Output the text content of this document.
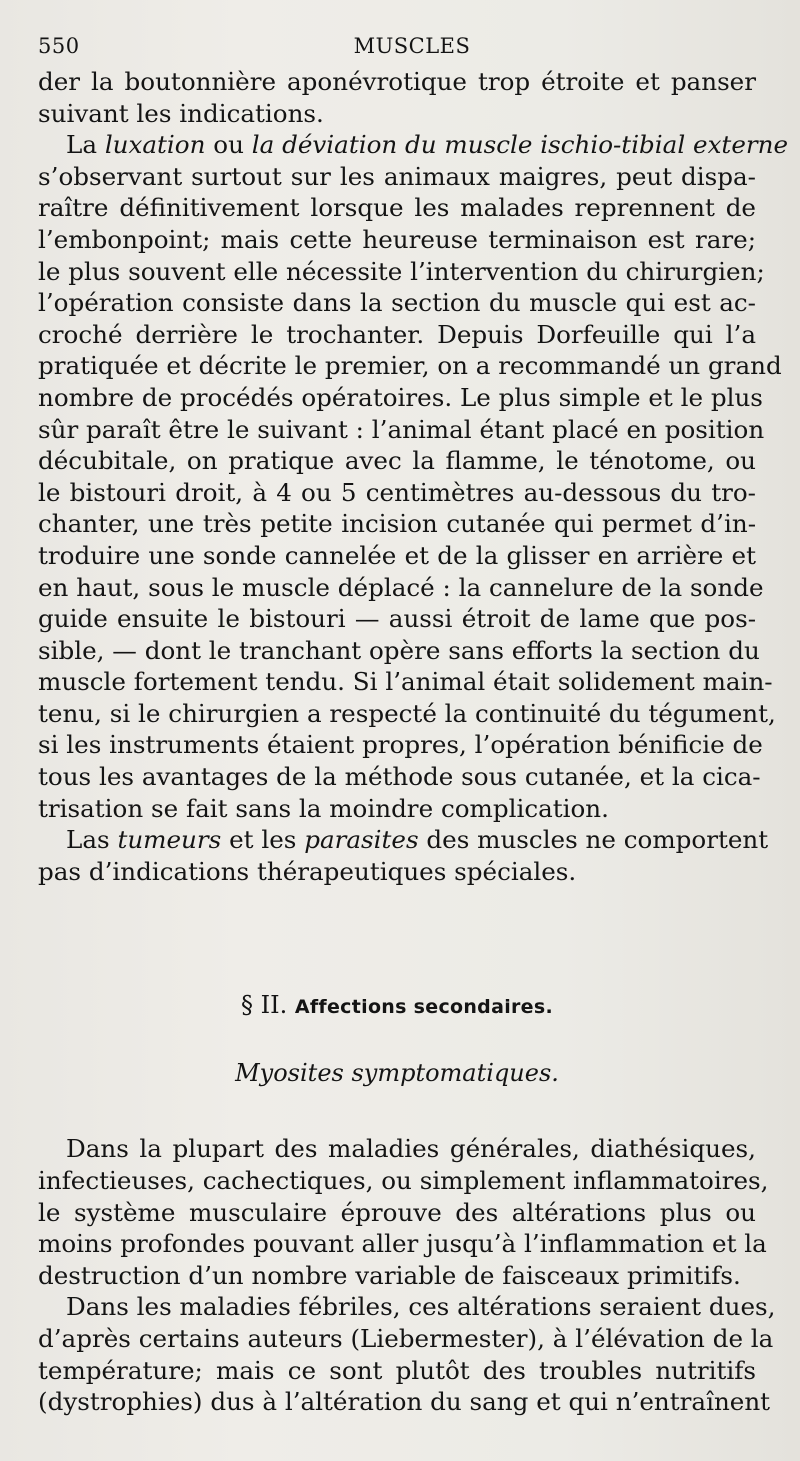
550	MUSCLES
der la boutonnière aponévrotique trop étroite et panser
suivant les indications.
La luxation ou la déviation du muscle ischio-tibial externe
s’observant surtout sur les animaux maigres, peut dispa-
raître définitivement lorsque les malades reprennent de
l’embonpoint; mais cette heureuse terminaison est rare;
le plus souvent elle nécessite l’intervention du chirurgien;
l’opération consiste dans la section du muscle qui est ac-
croché derrière le trochanter. Depuis Dorfeuille qui l’a
pratiquée et décrite le premier, on a recommandé un grand
nombre de procédés opératoires. Le plus simple et le plus
sûr paraît être le suivant : l’animal étant placé en position
décubitale, on pratique avec la flamme, le ténotome, ou
le bistouri droit, à 4 ou 5 centimètres au-dessous du tro-
chanter, une très petite incision cutanée qui permet d’in-
troduire une sonde cannelée et de la glisser en arrière et
en haut, sous le muscle déplacé : la cannelure de la sonde
guide ensuite le bistouri — aussi étroit de lame que pos-
sible, — dont le tranchant opère sans efforts la section du
muscle fortement tendu. Si l’animal était solidement main-
tenu, si le chirurgien a respecté la continuité du tégument,
si les instruments étaient propres, l’opération bénificie de
tous les avantages de la méthode sous cutanée, et la cica-
trisation se fait sans la moindre complication.
Las tumeurs et les parasites des muscles ne comportent
pas d’indications thérapeutiques spéciales.
§ II. Affections secondaires.
Myosites symptomatiques.
Dans la plupart des maladies générales, diathésiques,
infectieuses, cachectiques, ou simplement inflammatoires,
le système musculaire éprouve des altérations plus ou
moins profondes pouvant aller jusqu’à l’inflammation et la
destruction d’un nombre variable de faisceaux primitifs.
Dans les maladies fébriles, ces altérations seraient dues,
d’après certains auteurs (Liebermester), à l’élévation de la
température; mais ce sont plutôt des troubles nutritifs
(dystrophies) dus à l’altération du sang et qui n’entraînent
